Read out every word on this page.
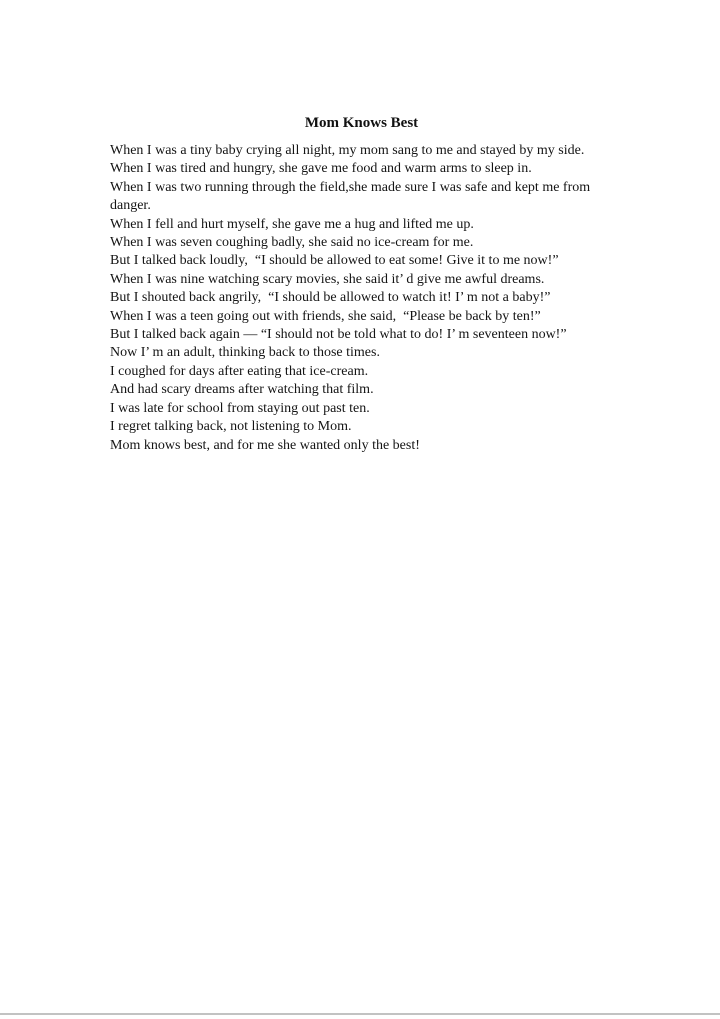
Mom Knows Best

When I was a tiny baby crying all night, my mom sang to me and stayed by my side.

When I was tired and hungry, she gave me food and warm arms to sleep in.

When I was two running through the field,she made sure I was safe and kept me from danger.

When I fell and hurt myself, she gave me a hug and lifted me up.

When I was seven coughing badly, she said no ice-cream for me.

But I talked back loudly,  “I should be allowed to eat some! Give it to me now!”

When I was nine watching scary movies, she said it’ d give me awful dreams.

But I shouted back angrily,  “I should be allowed to watch it! I’ m not a baby!”

When I was a teen going out with friends, she said,  “Please be back by ten!”

But I talked back again — “I should not be told what to do! I’ m seventeen now!”

Now I’ m an adult, thinking back to those times.

I coughed for days after eating that ice-cream.

And had scary dreams after watching that film.

I was late for school from staying out past ten.

I regret talking back, not listening to Mom.

Mom knows best, and for me she wanted only the best!
